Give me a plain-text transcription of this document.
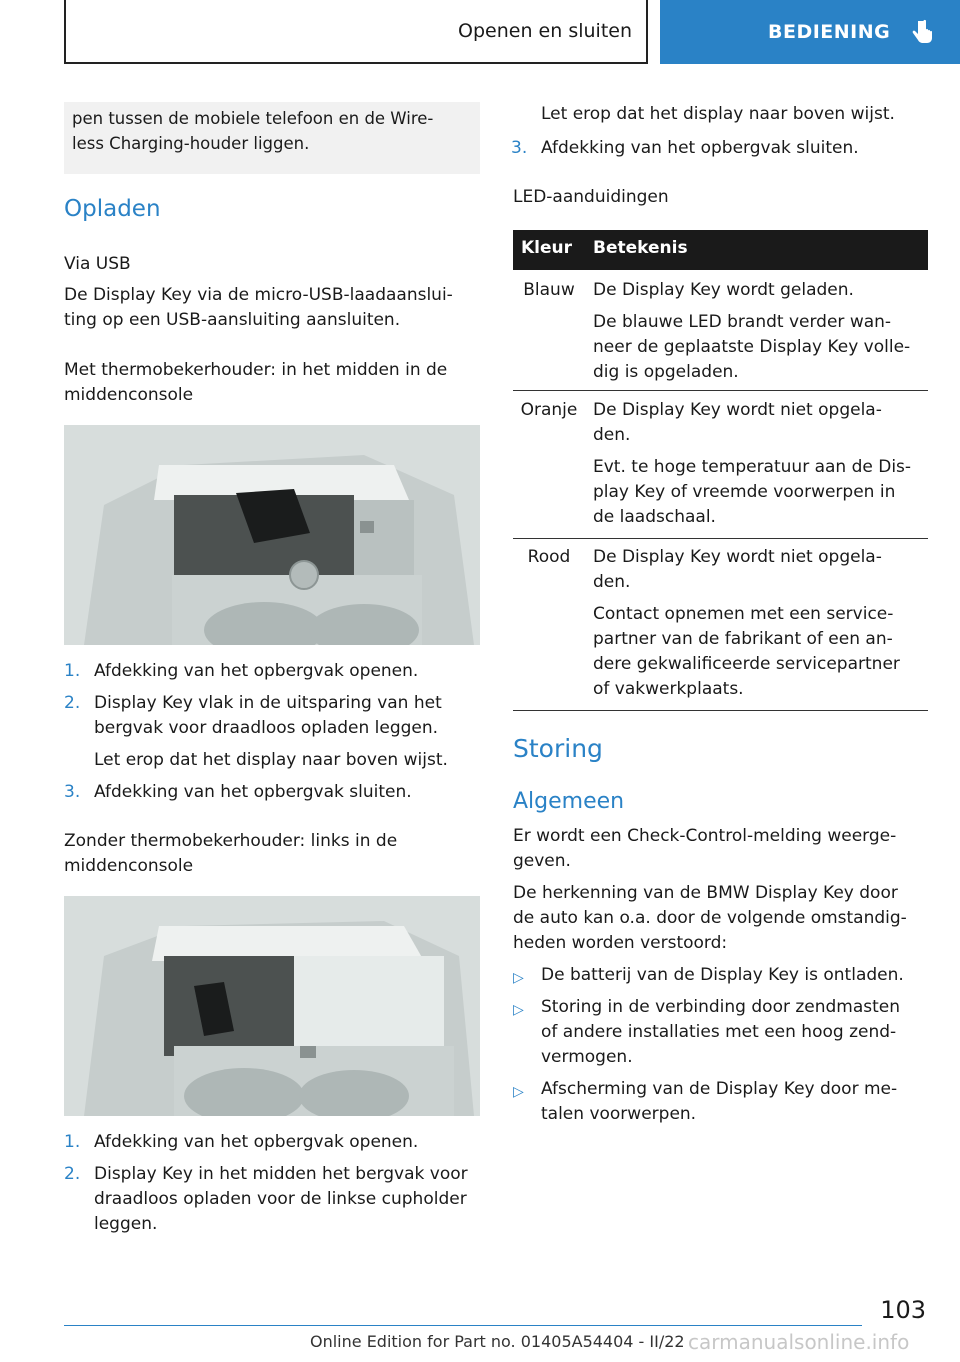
Openen en sluiten	BEDIENING
pen tussen de mobiele telefoon en de Wire-
less Charging-houder liggen.
Opladen
Via USB
De Display Key via de micro-USB-laadaanslui-
ting op een USB-aansluiting aansluiten.
Met thermobekerhouder: in het midden in de
middenconsole
1. Afdekking van het opbergvak openen.
2. Display Key vlak in de uitsparing van het
bergvak voor draadloos opladen leggen.
Let erop dat het display naar boven wijst.
3. Afdekking van het opbergvak sluiten.
Zonder thermobekerhouder: links in de
middenconsole
1. Afdekking van het opbergvak openen.
2. Display Key in het midden het bergvak voor
draadloos opladen voor de linkse cupholder
leggen.
Let erop dat het display naar boven wijst.
3. Afdekking van het opbergvak sluiten.
LED-aanduidingen
Kleur Betekenis
Blauw	De Display Key wordt geladen.
De blauwe LED brandt verder wan-
neer de geplaatste Display Key volle-
dig is opgeladen.
Oranje De Display Key wordt niet opgela-
den.
Evt. te hoge temperatuur aan de Dis-
play Key of vreemde voorwerpen in
de laadschaal.
Rood	De Display Key wordt niet opgela-
den.
Contact opnemen met een service-
partner van de fabrikant of een an-
dere gekwalificeerde servicepartner
of vakwerkplaats.
Storing
Algemeen
Er wordt een Check-Control-melding weerge-
geven.
De herkenning van de BMW Display Key door
de auto kan o.a. door de volgende omstandig-
heden worden verstoord:
▷ De batterij van de Display Key is ontladen.
▷ Storing in de verbinding door zendmasten
of andere installaties met een hoog zend-
vermogen.
▷ Afscherming van de Display Key door me-
talen voorwerpen.
103
Online Edition for Part no. 01405A54404 - II/22 carmanualsonline.info
